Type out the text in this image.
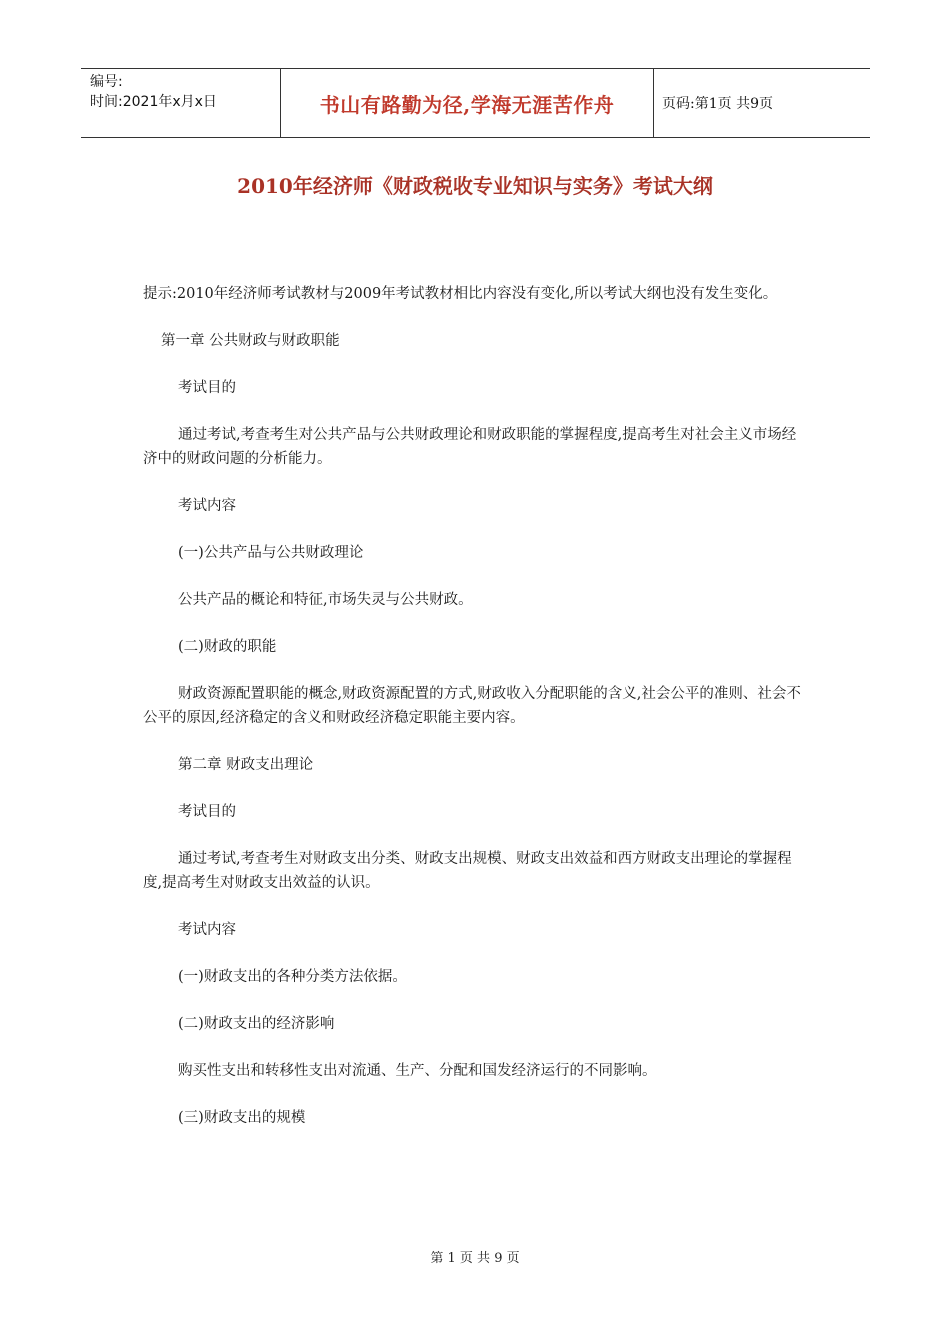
编号:
时间:2021年x月x日	书山有路勤为径,学海无涯苦作舟	页码:第1页 共9页
2010年经济师《财政税收专业知识与实务》考试大纲

提示:2010年经济师考试教材与2009年考试教材相比内容没有变化,所以考试大纲也没有发生变化。

第一章 公共财政与财政职能

考试目的

通过考试,考查考生对公共产品与公共财政理论和财政职能的掌握程度,提高考生对社会主义市场经济中的财政问题的分析能力。

考试内容

(一)公共产品与公共财政理论

公共产品的概论和特征,市场失灵与公共财政。

(二)财政的职能

财政资源配置职能的概念,财政资源配置的方式,财政收入分配职能的含义,社会公平的准则、社会不公平的原因,经济稳定的含义和财政经济稳定职能主要内容。

第二章 财政支出理论

考试目的

通过考试,考查考生对财政支出分类、财政支出规模、财政支出效益和西方财政支出理论的掌握程度,提高考生对财政支出效益的认识。

考试内容

(一)财政支出的各种分类方法依据。

(二)财政支出的经济影响

购买性支出和转移性支出对流通、生产、分配和国发经济运行的不同影响。

(三)财政支出的规模

第 1 页 共 9 页
